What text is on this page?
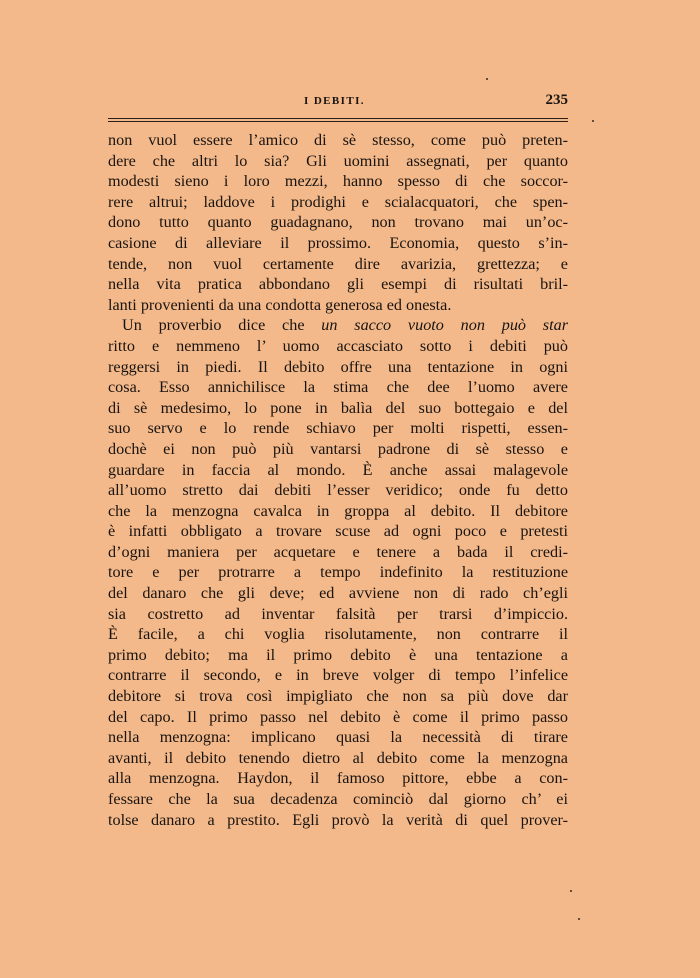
I DEBITI.	235
non vuol essere l’amico di sè stesso, come può preten-
dere che altri lo sia? Gli uomini assegnati, per quanto
modesti sieno i loro mezzi, hanno spesso di che soccor-
rere altrui; laddove i prodighi e scialacquatori, che spen-
dono tutto quanto guadagnano, non trovano mai un’oc-
casione di alleviare il prossimo. Economia, questo s’in-
tende, non vuol certamente dire avarizia, grettezza; e
nella vita pratica abbondano gli esempi di risultati bril-
lanti provenienti da una condotta generosa ed onesta.
Un proverbio dice che un sacco vuoto non può star
ritto e nemmeno l’ uomo accasciato sotto i debiti può
reggersi in piedi. Il debito offre una tentazione in ogni
cosa. Esso annichilisce la stima che dee l’uomo avere
di sè medesimo, lo pone in balìa del suo bottegaio e del
suo servo e lo rende schiavo per molti rispetti, essen-
dochè ei non può più vantarsi padrone di sè stesso e
guardare in faccia al mondo. È anche assai malagevole
all’uomo stretto dai debiti l’esser veridico; onde fu detto
che la menzogna cavalca in groppa al debito. Il debitore
è infatti obbligato a trovare scuse ad ogni poco e pretesti
d’ogni maniera per acquetare e tenere a bada il credi-
tore e per protrarre a tempo indefinito la restituzione
del danaro che gli deve; ed avviene non di rado ch’egli
sia costretto ad inventar falsità per trarsi d’impiccio.
È facile, a chi voglia risolutamente, non contrarre il
primo debito; ma il primo debito è una tentazione a
contrarre il secondo, e in breve volger di tempo l’infelice
debitore si trova così impigliato che non sa più dove dar
del capo. Il primo passo nel debito è come il primo passo
nella menzogna: implicano quasi la necessità di tirare
avanti, il debito tenendo dietro al debito come la menzogna
alla menzogna. Haydon, il famoso pittore, ebbe a con-
fessare che la sua decadenza cominciò dal giorno ch’ ei
tolse danaro a prestito. Egli provò la verità di quel prover-
